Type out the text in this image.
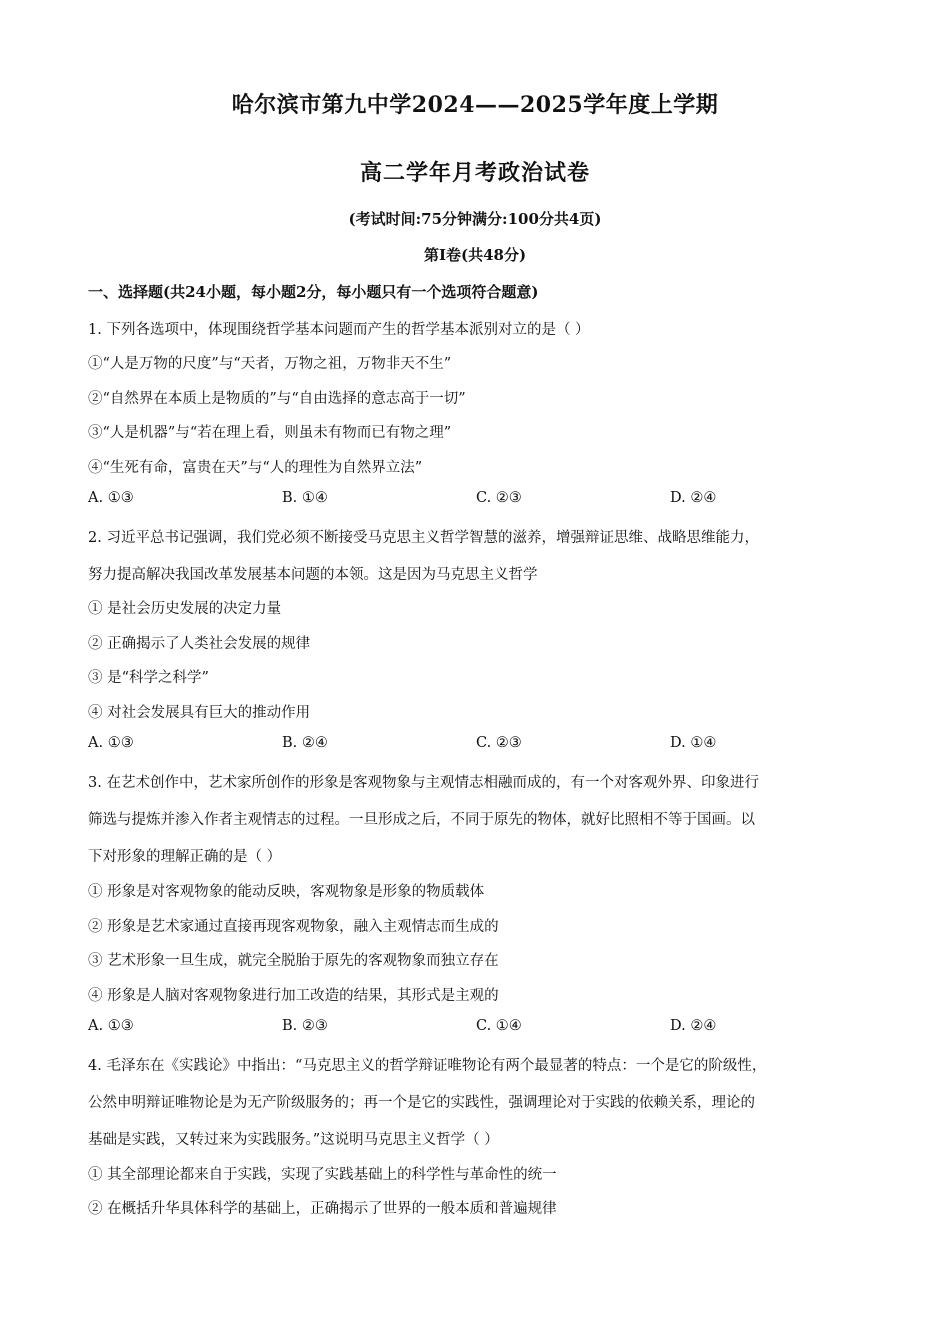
哈尔滨市第九中学2024——2025学年度上学期
高二学年月考政治试卷
(考试时间:75分钟满分:100分共4页)
第Ⅰ卷(共48分)
一、选择题(共24小题，每小题2分，每小题只有一个选项符合题意)
1. 下列各选项中，体现围绕哲学基本问题而产生的哲学基本派别对立的是（ ）
①“人是万物的尺度”与“天者，万物之祖，万物非天不生”
②“自然界在本质上是物质的”与“自由选择的意志高于一切”
③“人是机器”与“若在理上看，则虽未有物而已有物之理”
④“生死有命，富贵在天”与“人的理性为自然界立法”
A. ①③	B. ①④	C. ②③	D. ②④
2. 习近平总书记强调，我们党必须不断接受马克思主义哲学智慧的滋养，增强辩证思维、战略思维能力，
努力提高解决我国改革发展基本问题的本领。这是因为马克思主义哲学
① 是社会历史发展的决定力量
② 正确揭示了人类社会发展的规律
③ 是“科学之科学”
④ 对社会发展具有巨大的推动作用
A. ①③	B. ②④	C. ②③	D. ①④
3. 在艺术创作中，艺术家所创作的形象是客观物象与主观情志相融而成的，有一个对客观外界、印象进行
筛选与提炼并渗入作者主观情志的过程。一旦形成之后，不同于原先的物体，就好比照相不等于国画。以
下对形象的理解正确的是（ ）
① 形象是对客观物象的能动反映，客观物象是形象的物质载体
② 形象是艺术家通过直接再现客观物象，融入主观情志而生成的
③ 艺术形象一旦生成，就完全脱胎于原先的客观物象而独立存在
④ 形象是人脑对客观物象进行加工改造的结果，其形式是主观的
A. ①③	B. ②③	C. ①④	D. ②④
4. 毛泽东在《实践论》中指出：“马克思主义的哲学辩证唯物论有两个最显著的特点：一个是它的阶级性，
公然申明辩证唯物论是为无产阶级服务的；再一个是它的实践性，强调理论对于实践的依赖关系，理论的
基础是实践，又转过来为实践服务。”这说明马克思主义哲学（ ）
① 其全部理论都来自于实践，实现了实践基础上的科学性与革命性的统一
② 在概括升华具体科学的基础上，正确揭示了世界的一般本质和普遍规律
